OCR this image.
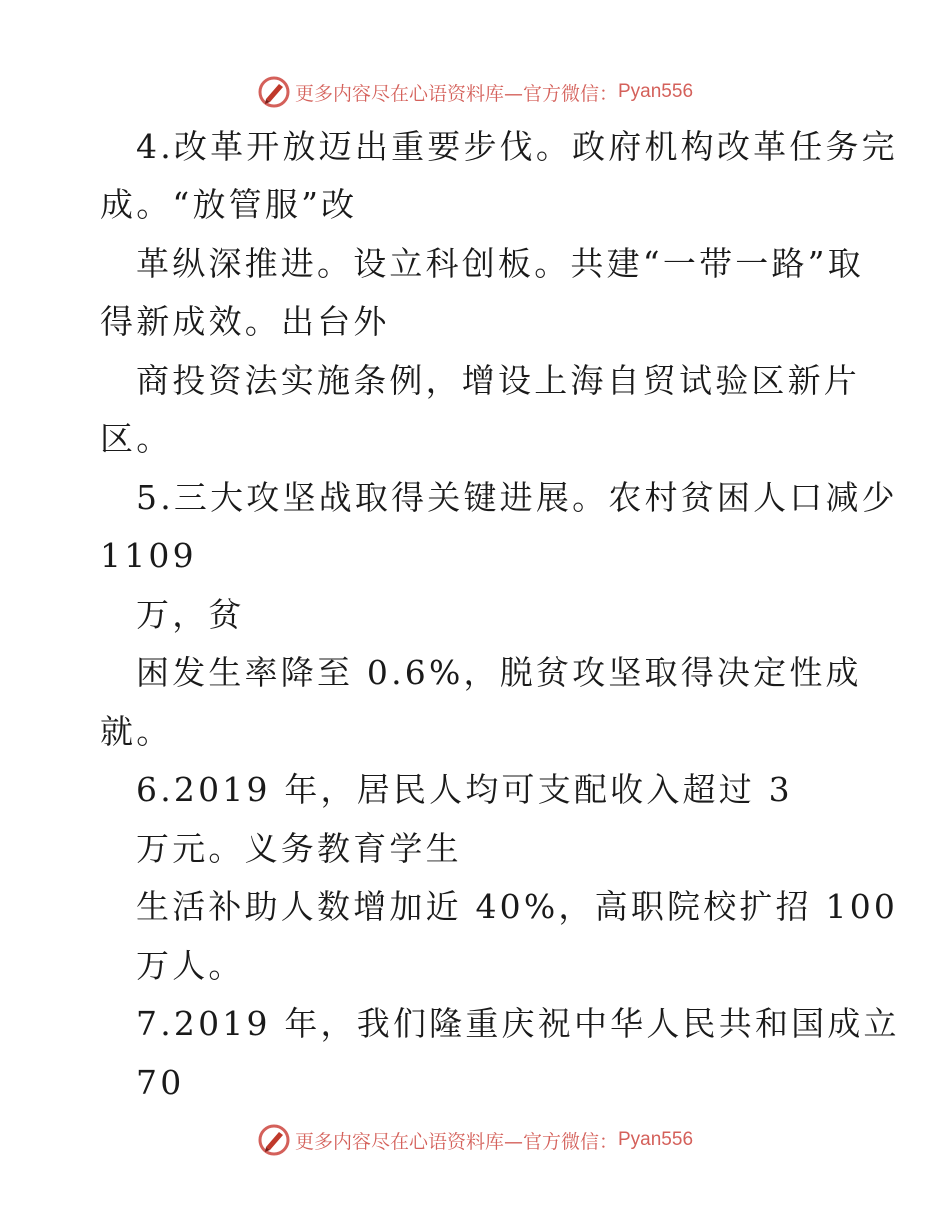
更多内容尽在心语资料库—官方微信： Pyan556
4.改革开放迈出重要步伐。政府机构改革任务完
成。“放管服”改
革纵深推进。设立科创板。共建“一带一路”取
得新成效。出台外
商投资法实施条例，增设上海自贸试验区新片
区。
5.三大攻坚战取得关键进展。农村贫困人口减少
1109
万，贫
困发生率降至 0.6%，脱贫攻坚取得决定性成
就。
6.2019 年，居民人均可支配收入超过 3
万元。义务教育学生
生活补助人数增加近 40%，高职院校扩招 100
万人。
7.2019 年，我们隆重庆祝中华人民共和国成立
70
更多内容尽在心语资料库—官方微信： Pyan556
